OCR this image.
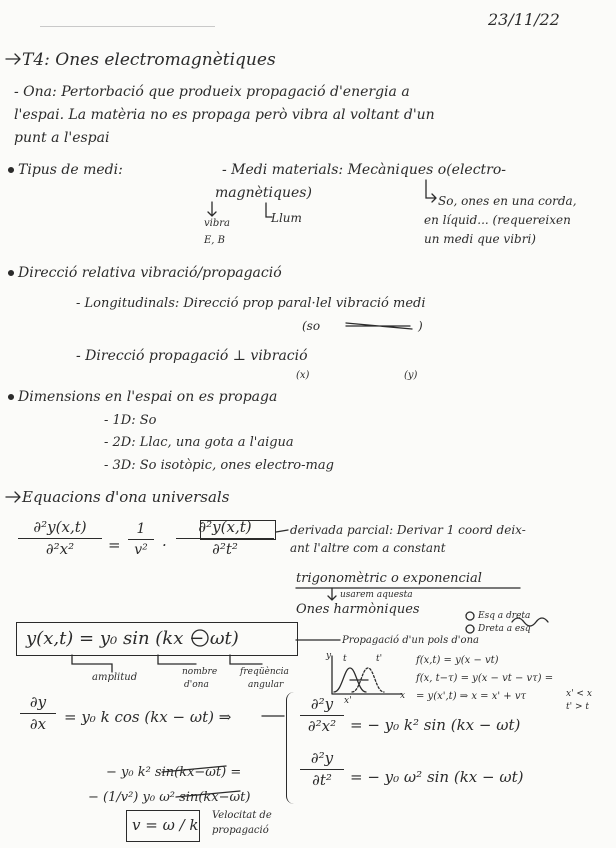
23/11/22
T4: Ones electromagnètiques
- Ona: Pertorbació que produeix propagació d'energia a
l'espai. La matèria no es propaga però vibra al voltant d'un
punt a l'espai
Tipus de medi:	- Medi materials: Mecàniques o(electro-
magnètiques)
vibra
E, B
Llum
So, ones en una corda,
en líquid... (requereixen
un medi que vibri)
Direcció relativa vibració/propagació
- Longitudinals: Direcció prop paral·lel vibració medi
(so	)
- Direcció propagació ⊥ vibració
(x)	(y)
Dimensions en l'espai on es propaga
- 1D: So
- 2D: Llac, una gota a l'aigua
- 3D: So isotòpic, ones electro-mag
Equacions d'ona universals
∂²y(x,t)
∂²x²	=
1
v² ·
∂²y(x,t)
∂²t²
derivada parcial: Derivar 1 coord deix-
ant l'altre com a constant
trigonomètric o exponencial
usarem aquesta
Ones harmòniques	Esq a dreta
Dreta a esq
y(x,t) = y₀ sin (kx − ωt)	Propagació d'un pols d'ona
amplitud	nombre
d'ona
freqüència
angular
y
x
t	t'
x'
f(x,t) = y(x − vt)
f(x, t−τ) = y(x − vt − vτ) =
= y(x',t) ⇒ x = x' + vτ	x' < x
t' > t
∂y
∂x	= y₀ k cos (kx − ωt) ⇒
∂²y
∂²x² = − y₀ k² sin (kx − ωt)
− y₀ k² sin(kx−ωt) =
∂²y
∂t²	= − y₀ ω² sin (kx − ωt)
− (1/v²) y₀ ω² sin(kx−ωt)
v = ω / k
Velocitat de
propagació
